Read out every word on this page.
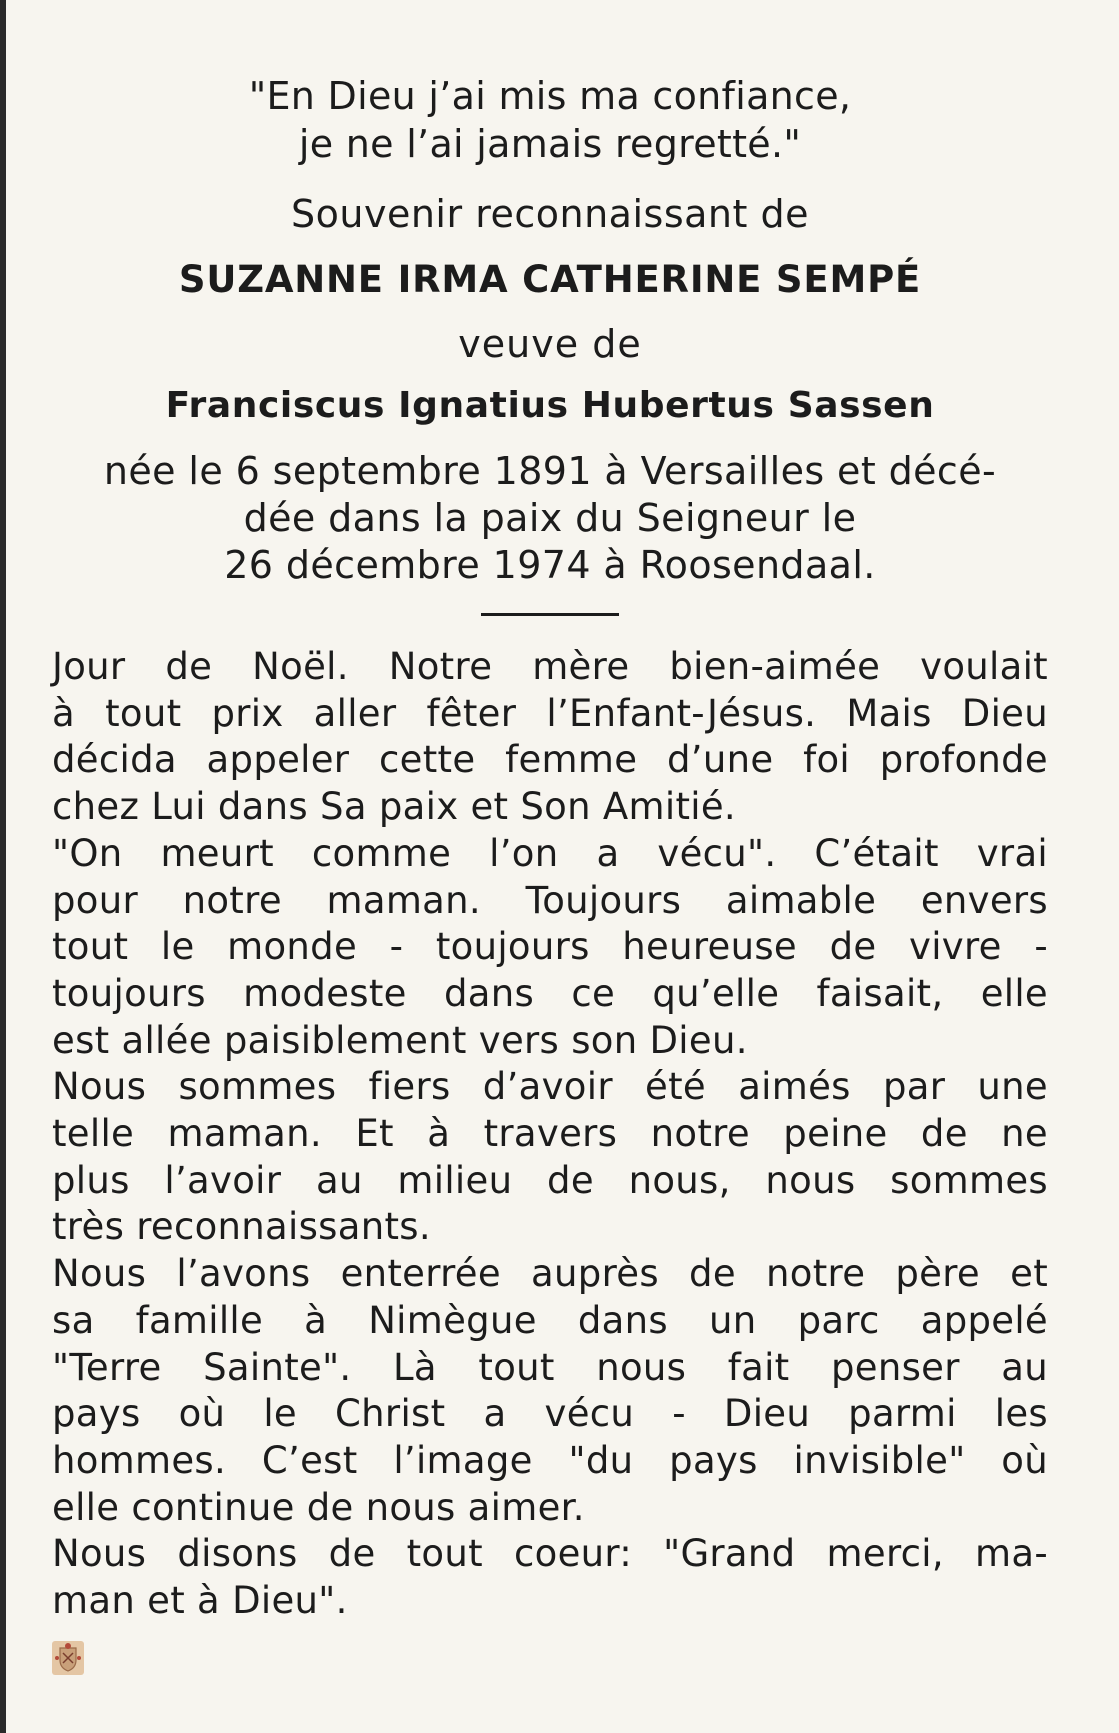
"En Dieu j’ai mis ma confiance,

je ne l’ai jamais regretté."

Souvenir reconnaissant de

SUZANNE IRMA CATHERINE SEMPÉ

veuve de

Franciscus Ignatius Hubertus Sassen

née le 6 septembre 1891 à Versailles et décé-

dée dans la paix du Seigneur le

26 décembre 1974 à Roosendaal.

Jour de Noël. Notre mère bien-aimée voulait

à tout prix aller fêter l’Enfant-Jésus. Mais Dieu

décida appeler cette femme d’une foi profonde

chez Lui dans Sa paix et Son Amitié.

"On meurt comme l’on a vécu". C’était vrai

pour notre maman. Toujours aimable envers

tout le monde - toujours heureuse de vivre -

toujours modeste dans ce qu’elle faisait, elle

est allée paisiblement vers son Dieu.

Nous sommes fiers d’avoir été aimés par une

telle maman. Et à travers notre peine de ne

plus l’avoir au milieu de nous, nous sommes

très reconnaissants.

Nous l’avons enterrée auprès de notre père et

sa famille à Nimègue dans un parc appelé

"Terre Sainte". Là tout nous fait penser au

pays où le Christ a vécu - Dieu parmi les

hommes. C’est l’image "du pays invisible" où

elle continue de nous aimer.

Nous disons de tout coeur: "Grand merci, ma-

man et à Dieu".
